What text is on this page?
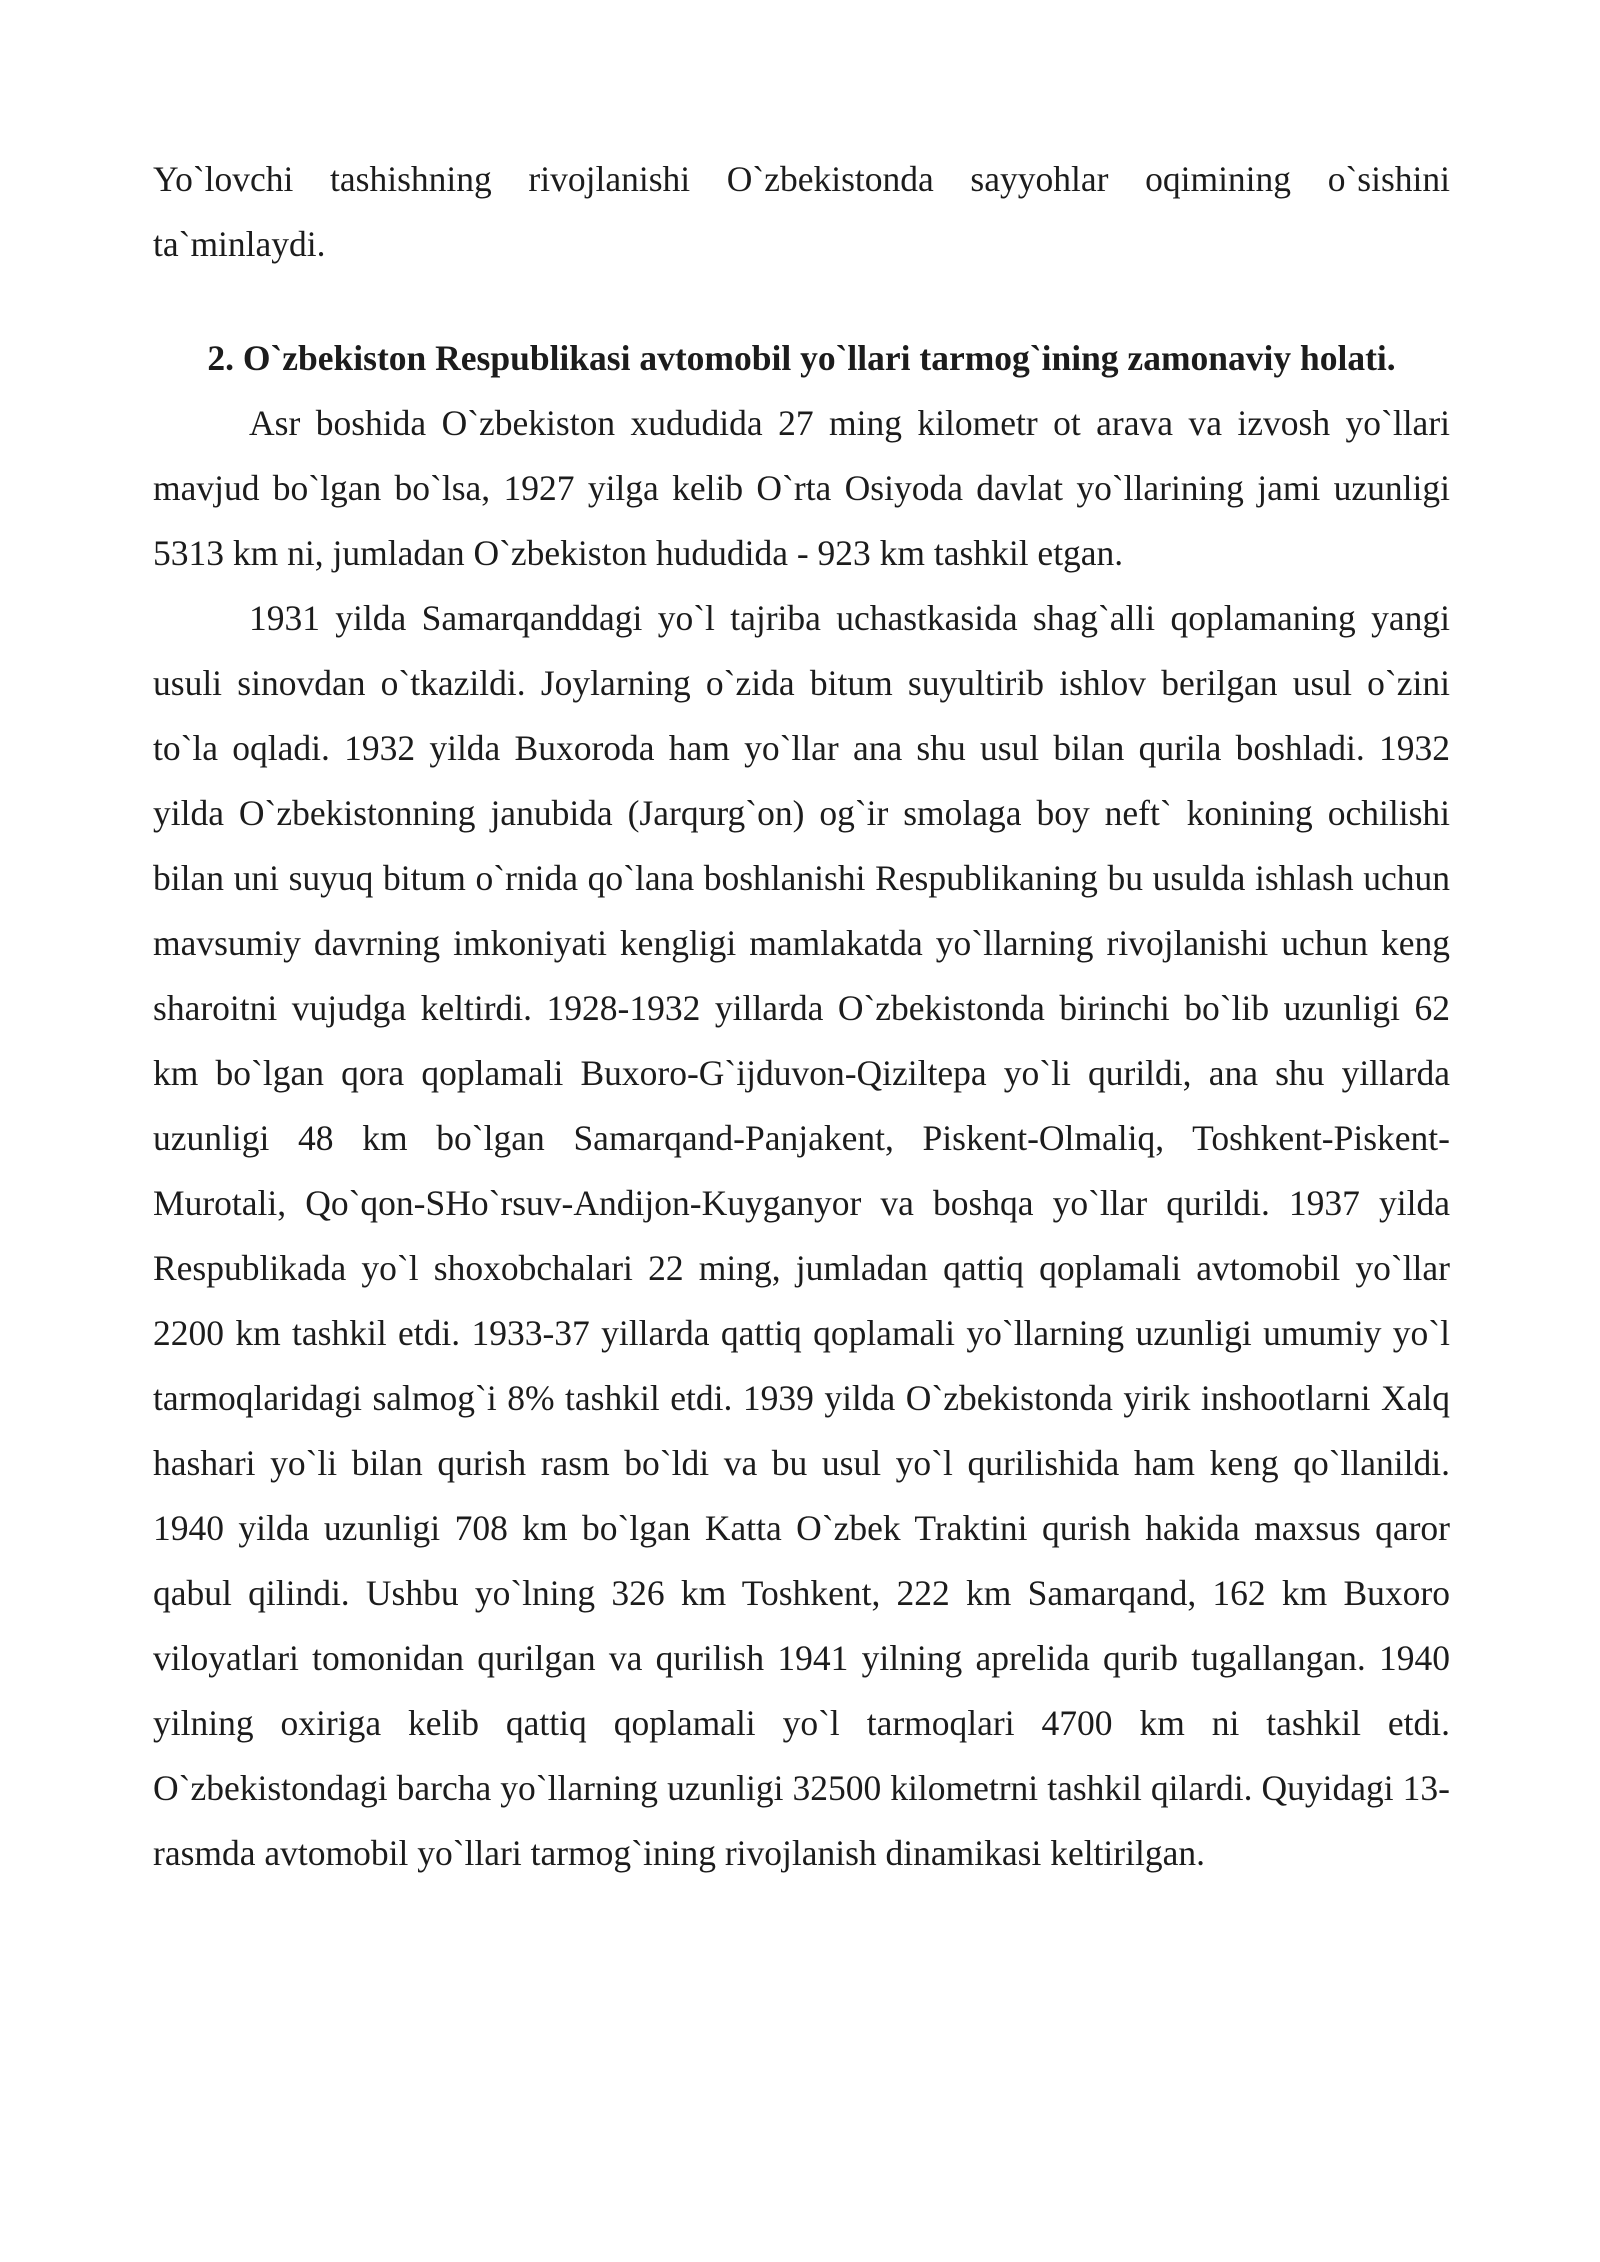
Yo`lovchi tashishning rivojlanishi O`zbekistonda sayyohlar oqimining o`sishini ta`minlaydi.

2. O`zbekiston Respublikasi avtomobil yo`llari tarmog`ining zamonaviy holati.

Asr boshida O`zbekiston xududida 27 ming kilometr ot arava va izvosh yo`llari mavjud bo`lgan bo`lsa, 1927 yilga kelib O`rta Osiyoda davlat yo`llarining jami uzunligi 5313 km ni, jumladan O`zbekiston hududida - 923 km tashkil etgan.

1931 yilda Samarqanddagi yo`l tajriba uchastkasida shag`alli qoplamaning yangi usuli sinovdan o`tkazildi. Joylarning o`zida bitum suyultirib ishlov berilgan usul o`zini to`la oqladi. 1932 yilda Buxoroda ham yo`llar ana shu usul bilan qurila boshladi. 1932 yilda O`zbekistonning janubida (Jarqurg`on) og`ir smolaga boy neft` konining ochilishi bilan uni suyuq bitum o`rnida qo`lana boshlanishi Respublikaning bu usulda ishlash uchun mavsumiy davrning imkoniyati kengligi mamlakatda yo`llarning rivojlanishi uchun keng sharoitni vujudga keltirdi. 1928-1932 yillarda O`zbekistonda birinchi bo`lib uzunligi 62 km bo`lgan qora qoplamali Buxoro-G`ijduvon-Qiziltepa yo`li qurildi, ana shu yillarda uzunligi 48 km bo`lgan Samarqand-Panjakent, Piskent-Olmaliq, Toshkent-Piskent-Murotali, Qo`qon-SHo`rsuv-Andijon-Kuyganyor va boshqa yo`llar qurildi. 1937 yilda Respublikada yo`l shoxobchalari 22 ming, jumladan qattiq qoplamali avtomobil yo`llar 2200 km tashkil etdi. 1933-37 yillarda qattiq qoplamali yo`llarning uzunligi umumiy yo`l tarmoqlaridagi salmog`i 8% tashkil etdi. 1939 yilda O`zbekistonda yirik inshootlarni Xalq hashari yo`li bilan qurish rasm bo`ldi va bu usul yo`l qurilishida ham keng qo`llanildi. 1940 yilda uzunligi 708 km bo`lgan Katta O`zbek Traktini qurish hakida maxsus qaror qabul qilindi. Ushbu yo`lning 326 km Toshkent, 222 km Samarqand, 162 km Buxoro viloyatlari tomonidan qurilgan va qurilish 1941 yilning aprelida qurib tugallangan. 1940 yilning oxiriga kelib qattiq qoplamali yo`l tarmoqlari 4700 km ni tashkil etdi. O`zbekistondagi barcha yo`llarning uzunligi 32500 kilometrni tashkil qilardi. Quyidagi 13-rasmda avtomobil yo`llari tarmog`ining rivojlanish dinamikasi keltirilgan.
